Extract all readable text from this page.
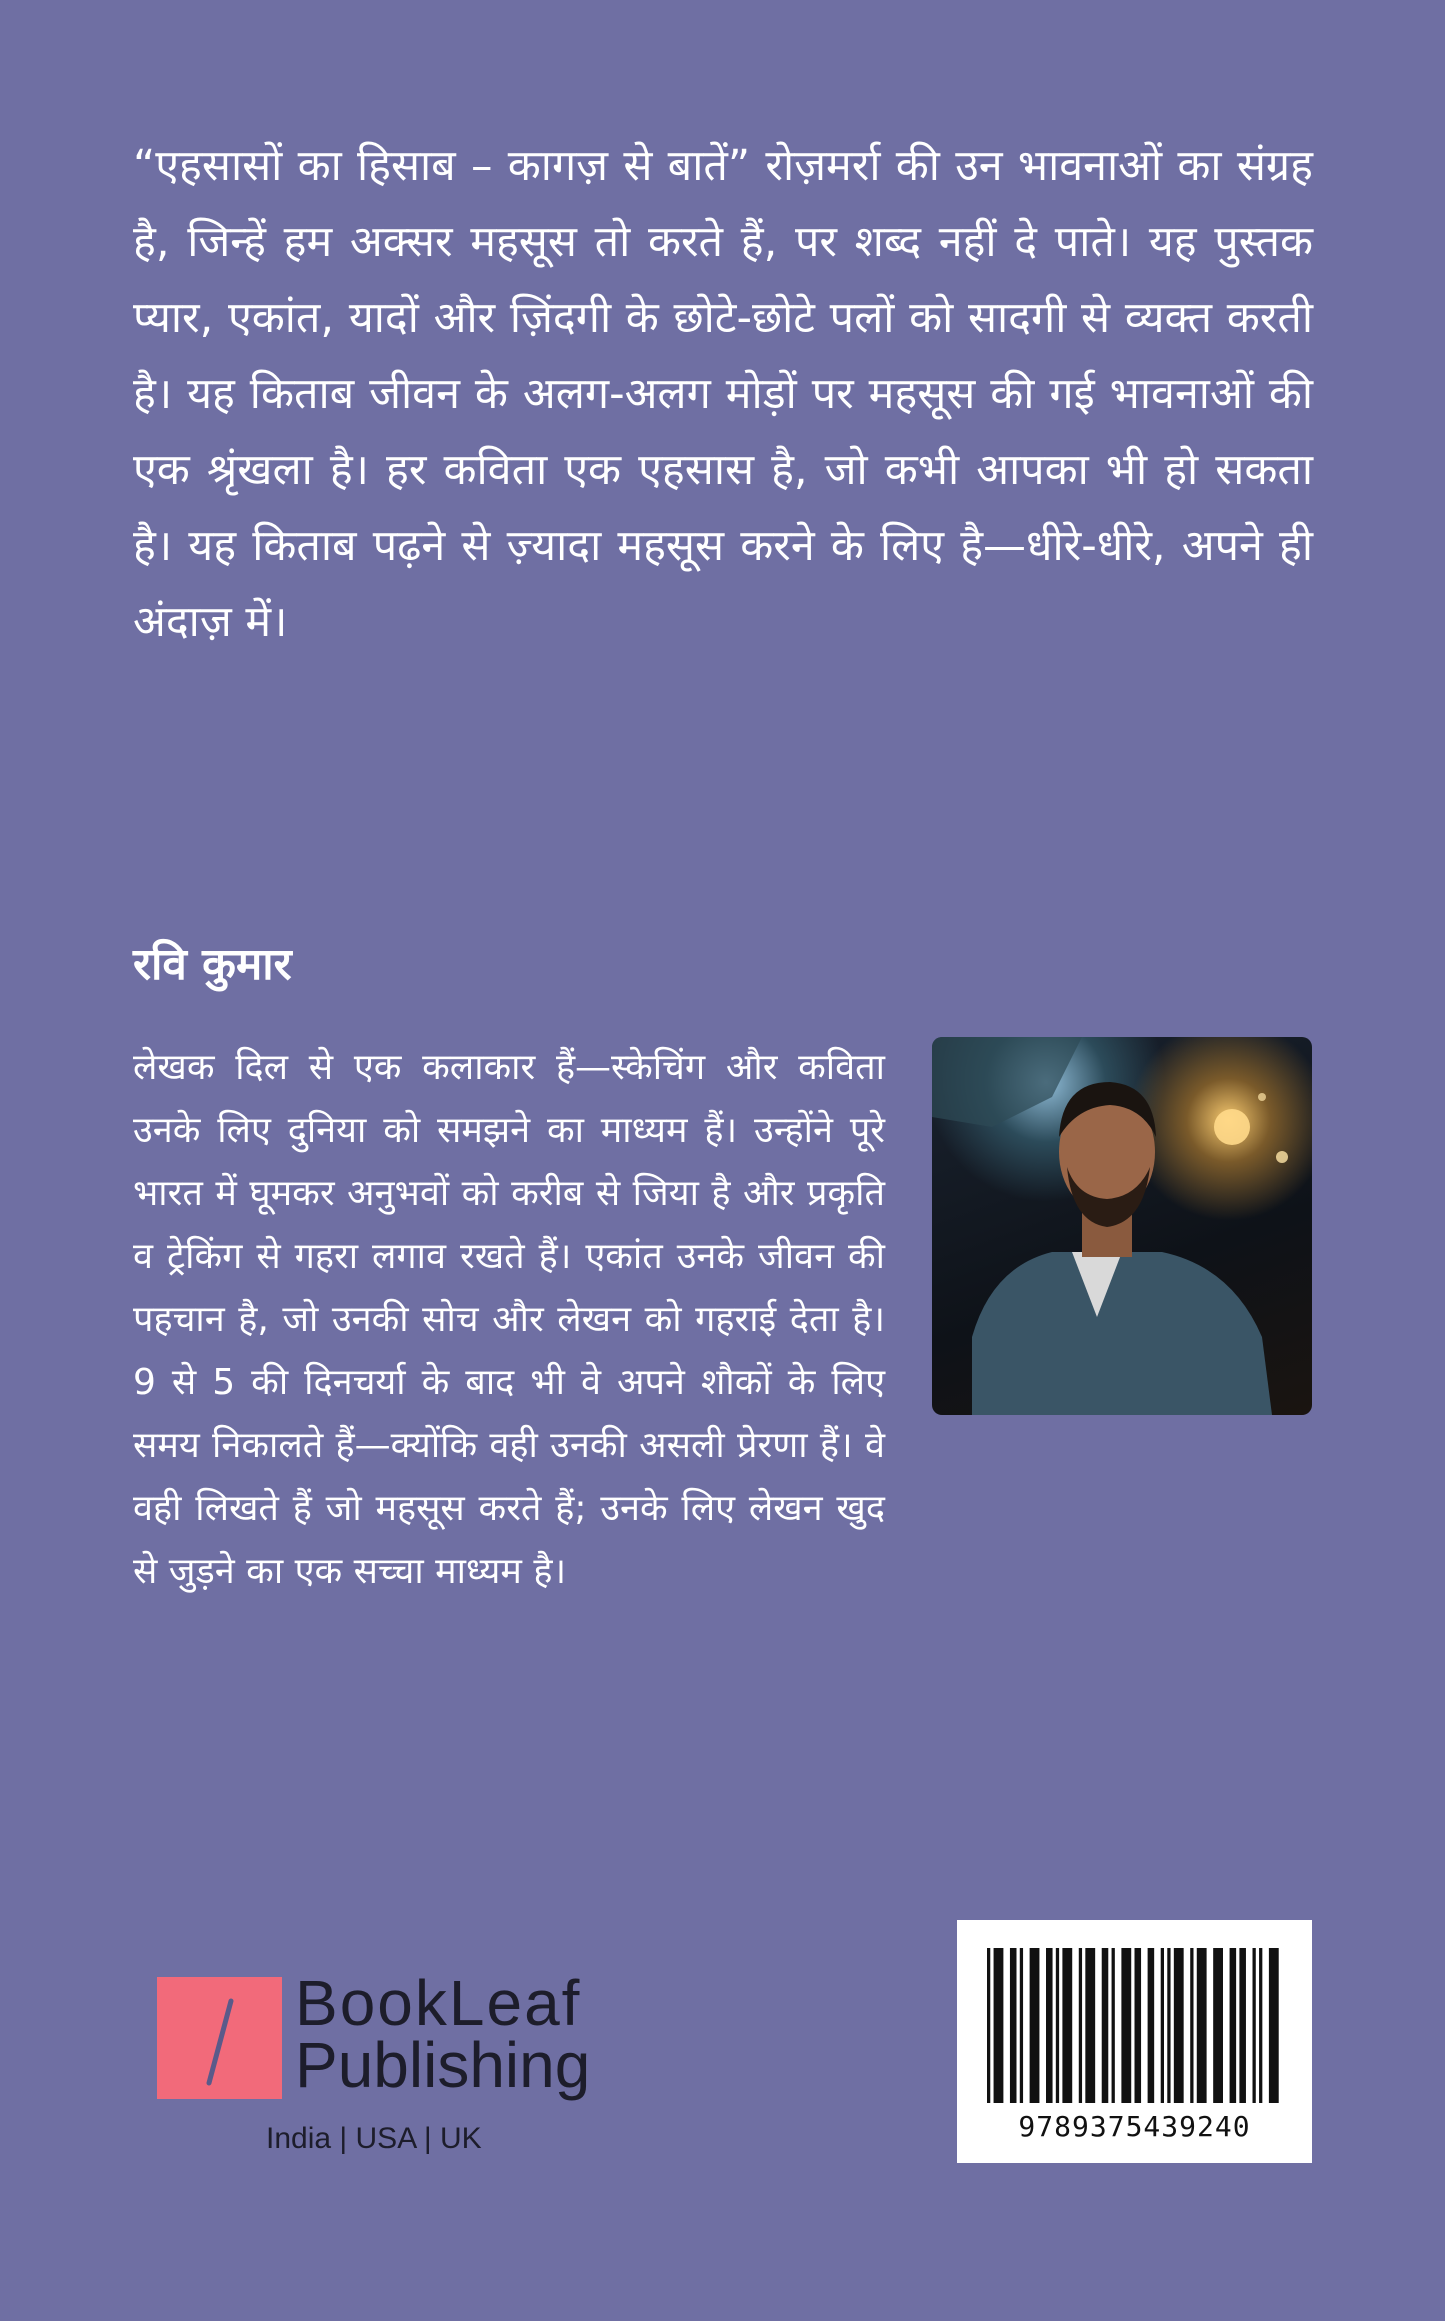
“एहसासों का हिसाब – कागज़ से बातें” रोज़मर्रा की उन भावनाओं का संग्रह है, जिन्हें हम अक्सर महसूस तो करते हैं, पर शब्द नहीं दे पाते। यह पुस्तक प्यार, एकांत, यादों और ज़िंदगी के छोटे-छोटे पलों को सादगी से व्यक्त करती है। यह किताब जीवन के अलग-अलग मोड़ों पर महसूस की गई भावनाओं की एक श्रृंखला है। हर कविता एक एहसास है, जो कभी आपका भी हो सकता है। यह किताब पढ़ने से ज़्यादा महसूस करने के लिए है—धीरे-धीरे, अपने ही अंदाज़ में।

रवि कुमार

लेखक दिल से एक कलाकार हैं—स्केचिंग और कविता उनके लिए दुनिया को समझने का माध्यम हैं। उन्होंने पूरे भारत में घूमकर अनुभवों को करीब से जिया है और प्रकृति व ट्रेकिंग से गहरा लगाव रखते हैं। एकांत उनके जीवन की पहचान है, जो उनकी सोच और लेखन को गहराई देता है। 9 से 5 की दिनचर्या के बाद भी वे अपने शौकों के लिए समय निकालते हैं—क्योंकि वही उनकी असली प्रेरणा हैं। वे वही लिखते हैं जो महसूस करते हैं; उनके लिए लेखन खुद से जुड़ने का एक सच्चा माध्यम है।

BookLeaf

Publishing

India | USA | UK	9789375439240
